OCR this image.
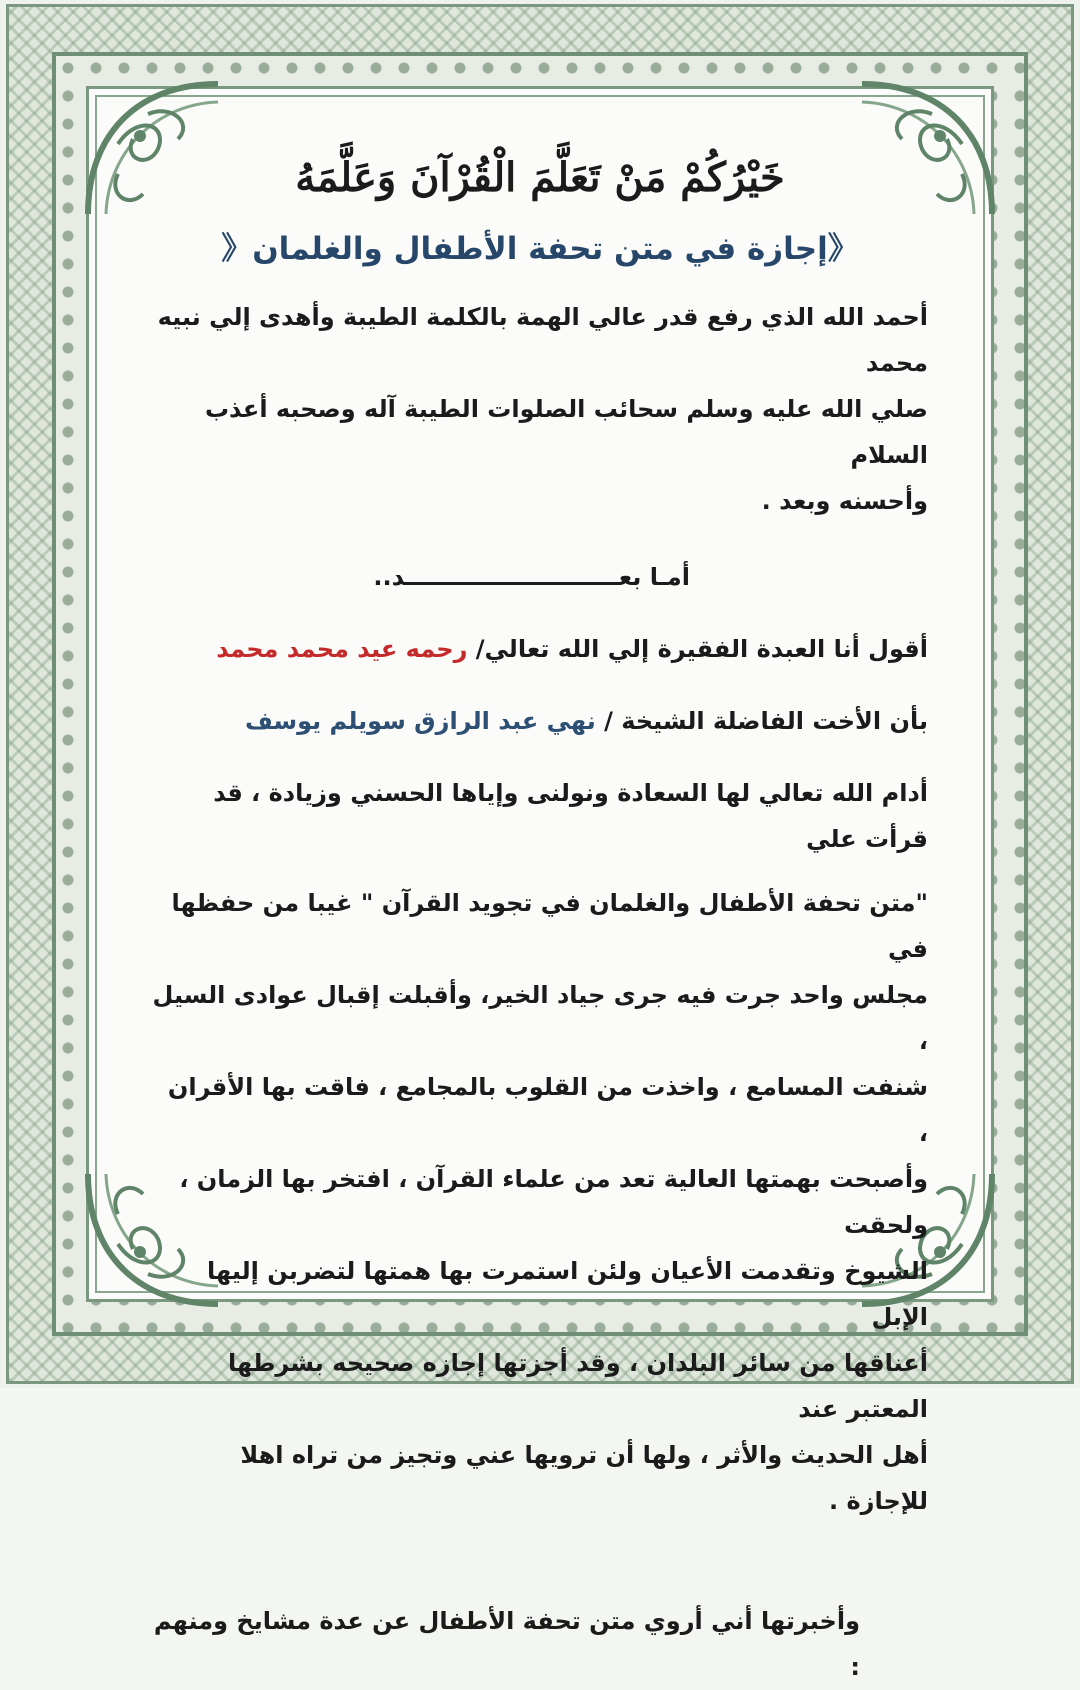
خَيْرُكُمْ مَنْ تَعَلَّمَ الْقُرْآنَ وَعَلَّمَهُ
《إجازة في متن تحفة الأطفال والغلمان《

أحمد الله الذي رفع قدر عالي الهمة بالكلمة الطيبة وأهدى إلي نبيه محمد

صلي الله عليه وسلم سحائب الصلوات الطيبة آله وصحبه أعذب السلام

وأحسنه وبعد .

أمـا بعــــــــــــــــــــــــــد..

أقول أنا العبدة الفقيرة إلي الله تعالي/ رحمه عيد محمد محمد

بأن الأخت الفاضلة الشيخة / نهي عبد الرازق سويلم يوسف

أدام الله تعالي لها السعادة ونولنى وإياها الحسني وزيادة ، قد قرأت علي

"متن تحفة الأطفال والغلمان في تجويد القرآن " غيبا من حفظها في

مجلس واحد جرت فيه جرى جياد الخير، وأقبلت إقبال عوادى السيل ،

شنفت المسامع ، واخذت من القلوب بالمجامع ، فاقت بها الأقران ،

وأصبحت بهمتها العالية تعد من علماء القرآن ، افتخر بها الزمان ، ولحقت

الشيوخ وتقدمت الأعيان ولئن استمرت بها همتها لتضربن إليها الإبل

أعناقها من سائر البلدان ، وقد أجزتها إجازه صحيحه بشرطها المعتبر عند

أهل الحديث والأثر ، ولها أن ترويها عني وتجيز من تراه اهلا للإجازة .

وأخبرتها أني أروي متن تحفة الأطفال عن عدة مشايخ ومنهم :
